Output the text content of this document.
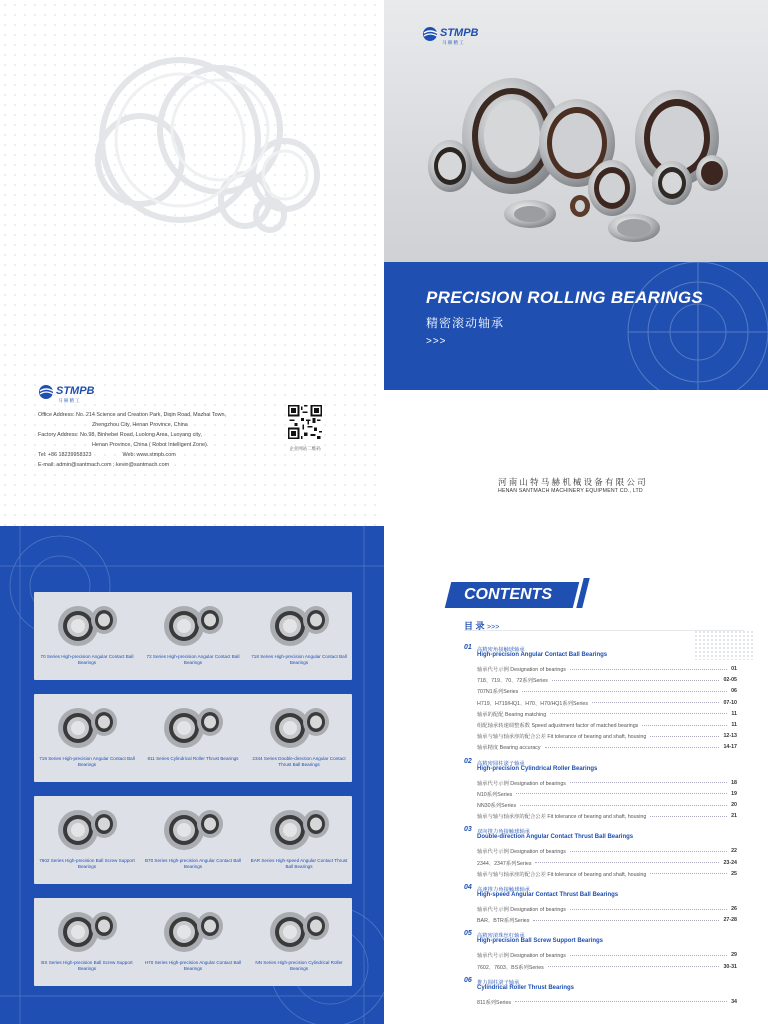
STMPB
马 赫 精 工
Office Address: No. 214 Science and Creation Park, Diqin Road, Mazhai Town,
Zhengzhou City, Henan Province, China
Factory Address: No.98, Binhebei Road, Luolong Area, Luoyang city,
Henan Province, China ( Robot Intelligent Zone).
Tel: +86 18239958323	Web: www.stmpb.com
E-mail: admin@santmach.com ; kevin@santmach.com
企业网站二维码
STMPB
马 赫 精 工
PRECISION ROLLING BEARINGS
精密滚动轴承
>>>
河南山特马赫机械设备有限公司
HENAN SANTMACH MACHINERY EQUIPMENT CO., LTD
70 Series High-precision Angular Contact Ball Bearings
72 Series High-precision Angular Contact Ball Bearings
718 Series High-precision Angular Contact Ball Bearings
719 Series High-precision Angular Contact Ball Bearings
811 Series Cylindrical Roller Thrust Bearings	2344 Series Double-direction Angular Contact Thrust Ball Bearings
7602 Series High-precision Ball Screw Support Bearings
B70 Series High-precision Angular Contact Ball Bearings
BAR Series High-speed Angular Contact Thrust Ball Bearings
BS Series High-precision Ball Screw Support Bearings
H70 Series High-precision Angular Contact Ball Bearings
NN Series High-precision Cylindrical Roller Bearings
CONTENTS
目 录 >>>
01 高精密角接触球轴承
High-precision Angular Contact Ball Bearings
轴承代号示例 Designation of bearings	01
718、719、70、72系列Series	02-05
707N1系列Series	06
H719、H719/HQ1、H70、H70/HQ1系列Series	07-10
轴承的配配 Bearing matching	11
组配轴承转速调整系数 Speed adjustment factor of matched bearings	11
轴承与轴与轴承座的配合公差 Fit tolerance of bearing and shaft, housing	12-13
轴承精度 Bearing accuracy	14-17
02 高精密圆柱滚子轴承
High-precision Cylindrical Roller Bearings
轴承代号示例 Designation of bearings	18
N10系列Series	19
NN30系列Series	20
轴承与轴与轴承座的配合公差 Fit tolerance of bearing and shaft, housing	21
03 双向推力角接触球轴承
Double-direction Angular Contact Thrust Ball Bearings
轴承代号示例 Designation of bearings	22
2344、2347系列Series	23-24
轴承与轴与轴承座的配合公差 Fit tolerance of bearing and shaft, housing	25
04 高速推力角接触球轴承
High-speed Angular Contact Thrust Ball Bearings
轴承代号示例 Designation of bearings	26
BAR、BTR系列Series	27-28
05 高精密滚珠丝杠轴承
High-precision Ball Screw Support Bearings
轴承代号示例 Designation of bearings	29
7602、7603、BS系列Series	30-31
06 推力圆柱滚子轴承
Cylindrical Roller Thrust Bearings
811系列Series	34
